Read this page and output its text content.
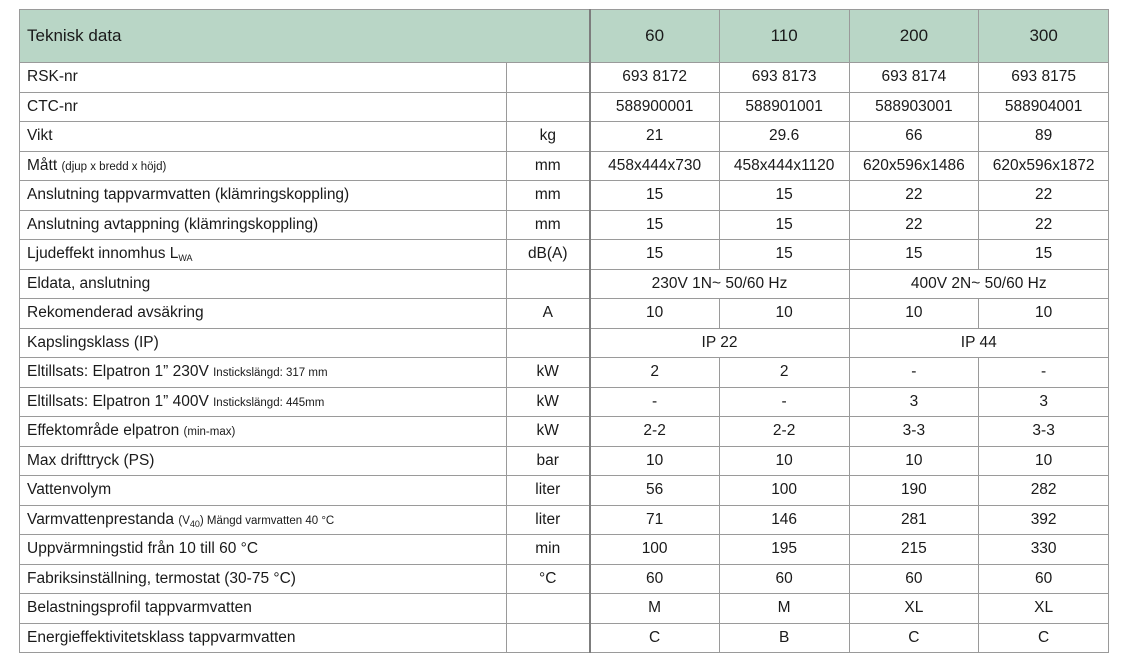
Teknisk data		60	110	200	300
RSK-nr		693 8172	693 8173	693 8174	693 8175
CTC-nr		588900001	588901001	588903001	588904001
Vikt	kg	21	29.6	66	89
Mått (djup x bredd x höjd)	mm	458x444x730	458x444x1120	620x596x1486	620x596x1872
Anslutning tappvarmvatten (klämringskoppling)	mm	15	15	22	22
Anslutning avtappning (klämringskoppling)	mm	15	15	22	22
Ljudeffekt innomhus $L_{WA}$	dB(A)	15	15	15	15
Eldata, anslutning		230V 1N~ 50/60 Hz		400V 2N~ 50/60 Hz	
Rekomenderad avsäkring	A	10	10	10	10
Kapslingsklass (IP)		IP 22		IP 44	
Eltillsats: Elpatron 1” 230V Instickslängd: 317 mm	kW	2	2	-	-
Eltillsats: Elpatron 1” 400V Instickslängd: 445mm	kW	-	-	3	3
Effektområde elpatron (min-max)	kW	2-2	2-2	3-3	3-3
Max drifttryck (PS)	bar	10	10	10	10
Vattenvolym	liter	56	100	190	282
Varmvattenprestanda $(V_{40})$ Mängd varmvatten 40 °C	liter	71	146	281	392
Uppvärmningstid från 10 till 60 °C	min	100	195	215	330
Fabriksinställning, termostat (30-75 °C)	°C	60	60	60	60
Belastningsprofil tappvarmvatten		M	M	XL	XL
Energieffektivitetsklass tappvarmvatten		C	B	C	C
